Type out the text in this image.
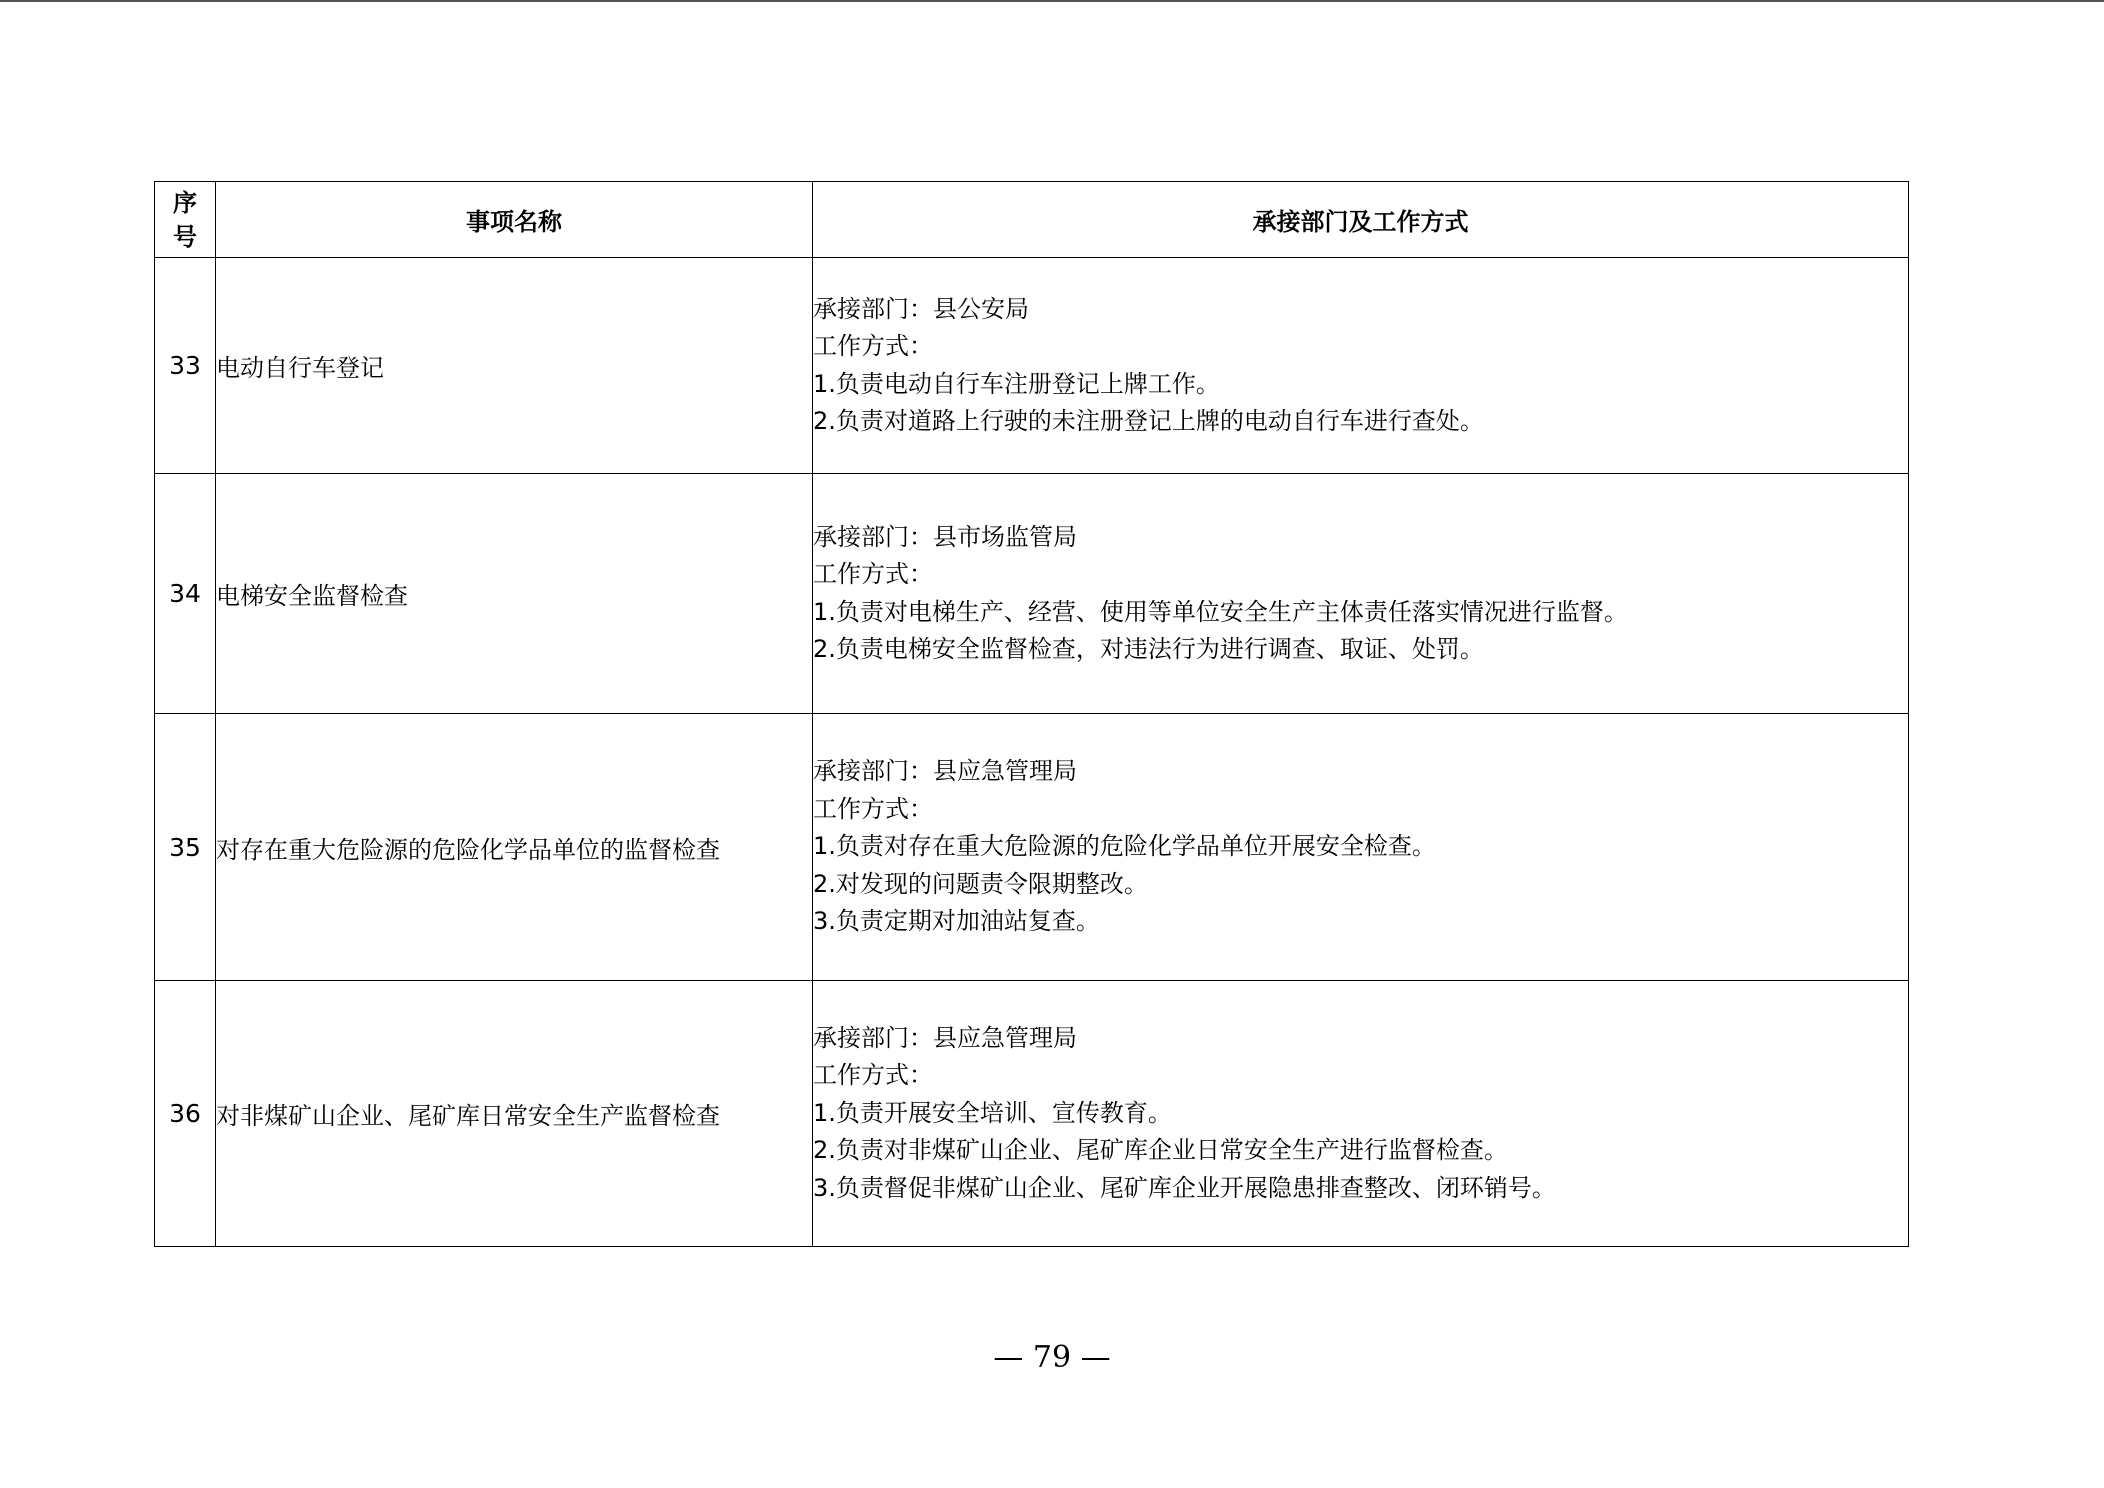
序
号	事项名称	承接部门及工作方式
33	电动自行车登记	承接部门：县公安局
工作方式：
1.负责电动自行车注册登记上牌工作。
2.负责对道路上行驶的未注册登记上牌的电动自行车进行查处。

34	电梯安全监督检查	承接部门：县市场监管局
工作方式：
1.负责对电梯生产、经营、使用等单位安全生产主体责任落实情况进行监督。
2.负责电梯安全监督检查，对违法行为进行调查、取证、处罚。

35	对存在重大危险源的危险化学品单位的监督检查	承接部门：县应急管理局
工作方式：
1.负责对存在重大危险源的危险化学品单位开展安全检查。
2.对发现的问题责令限期整改。
3.负责定期对加油站复查。

36	对非煤矿山企业、尾矿库日常安全生产监督检查	承接部门：县应急管理局
工作方式：
1.负责开展安全培训、宣传教育。
2.负责对非煤矿山企业、尾矿库企业日常安全生产进行监督检查。
3.负责督促非煤矿山企业、尾矿库企业开展隐患排查整改、闭环销号。
— 79 —
